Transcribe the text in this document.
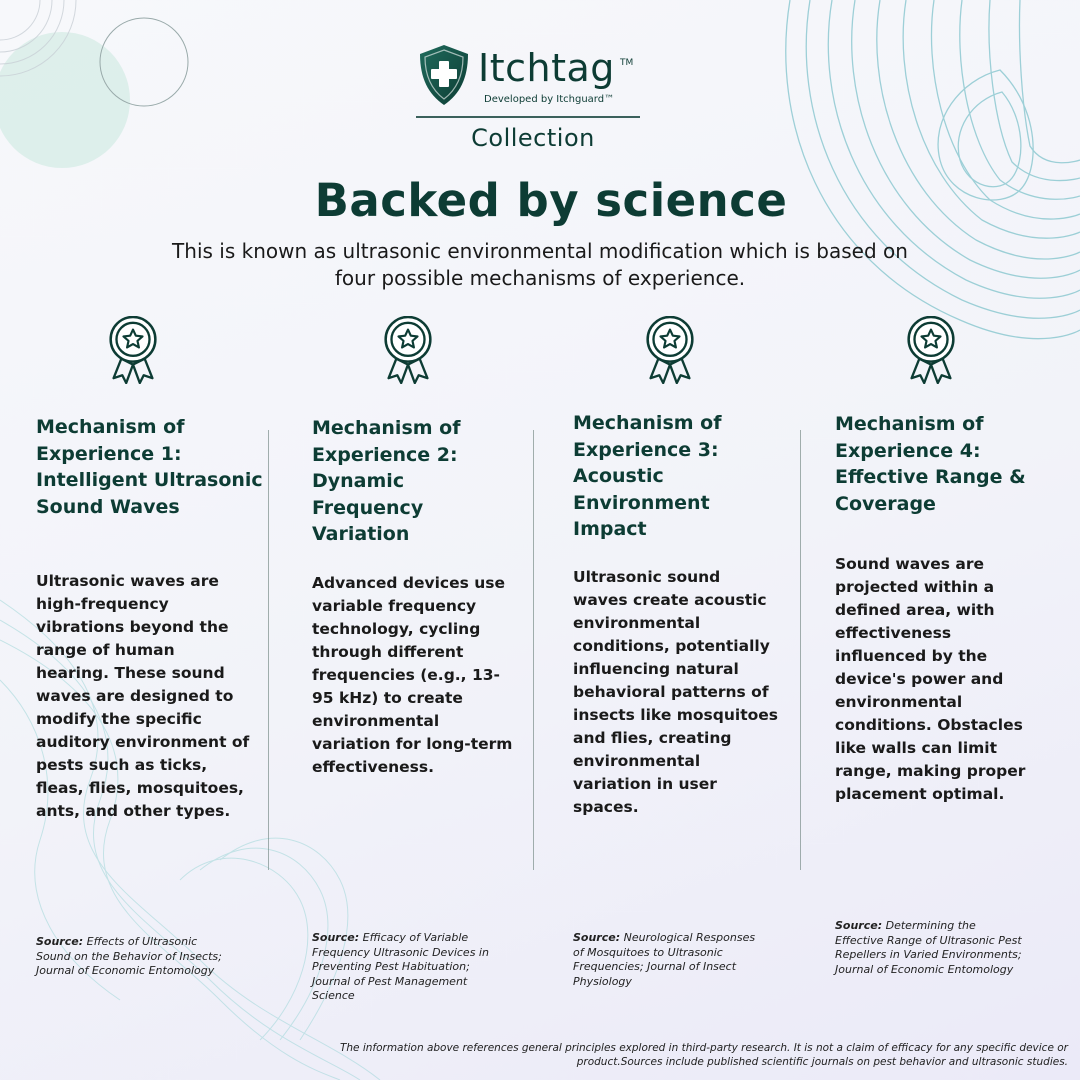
Itchtag TM
Developed by Itchguard™
Collection
Backed by science
This is known as ultrasonic environmental modification which is based on four possible mechanisms of experience.

Mechanism of Experience 1: Intelligent Ultrasonic Sound Waves

Ultrasonic waves are high-frequency vibrations beyond the range of human hearing. These sound waves are designed to modify the specific auditory environment of pests such as ticks, fleas, flies, mosquitoes, ants, and other types.

Source: Effects of Ultrasonic Sound on the Behavior of Insects; Journal of Economic Entomology

Mechanism of Experience 2: Dynamic Frequency Variation

Advanced devices use variable frequency technology, cycling through different frequencies (e.g., 13-95 kHz) to create environmental variation for long-term effectiveness.

Source: Efficacy of Variable Frequency Ultrasonic Devices in Preventing Pest Habituation; Journal of Pest Management Science

Mechanism of Experience 3: Acoustic Environment Impact

Ultrasonic sound waves create acoustic environmental conditions, potentially influencing natural behavioral patterns of insects like mosquitoes and flies, creating environmental variation in user spaces.

Source: Neurological Responses of Mosquitoes to Ultrasonic Frequencies; Journal of Insect Physiology

Mechanism of Experience 4: Effective Range & Coverage

Sound waves are projected within a defined area, with effectiveness influenced by the device's power and environmental conditions. Obstacles like walls can limit range, making proper placement optimal.

Source: Determining the Effective Range of Ultrasonic Pest Repellers in Varied Environments; Journal of Economic Entomology

The information above references general principles explored in third-party research. It is not a claim of efficacy for any specific device or product.Sources include published scientific journals on pest behavior and ultrasonic studies.
